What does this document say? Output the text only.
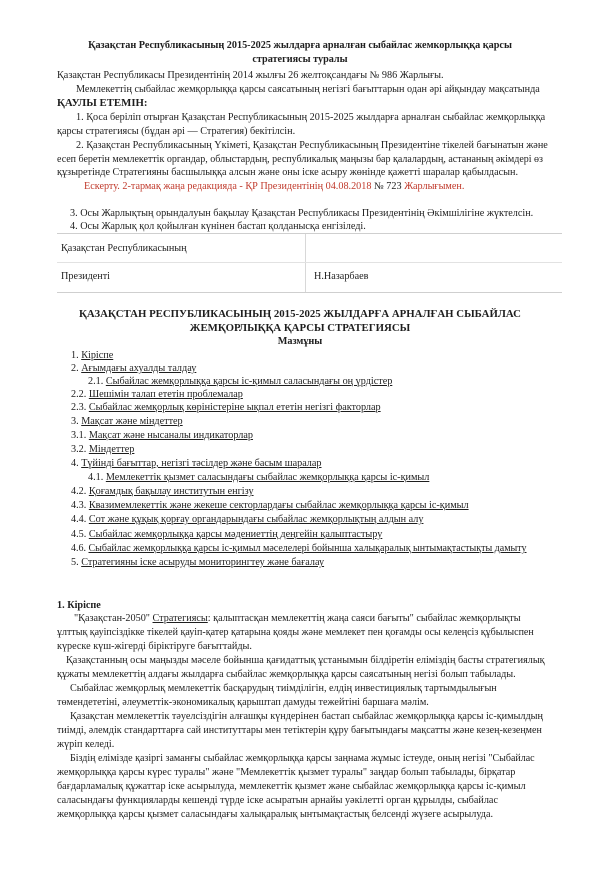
Қазақстан Республикасының 2015-2025 жылдарға арналған сыбайлас жемкорлыққа қарсы
стратегиясы туралы
Қазақстан Республикасы Президентінің 2014 жылғы 26 желтоқсандағы № 986 Жарлығы.
Мемлекеттің сыбайлас жемқорлыққа қарсы саясатының негізгі бағыттарын одан әрі айқындау мақсатында
ҚАУЛЫ ЕТЕМІН:
1. Қоса беріліп отырған Қазақстан Республикасының 2015-2025 жылдарға арналған сыбайлас жемқорлыққа
қарсы стратегиясы (бұдан әрі — Стратегия) бекітілсін.
2. Қазақстан Республикасының Үкіметі, Қазақстан Республикасының Президентіне тікелей бағынатын және
есеп беретін мемлекеттік органдар, облыстардың, республикалық маңызы бар қалалардың, астананың әкімдері өз
құзыретінде Стратегияны басшылыққа алсын және оны іске асыру жөнінде қажетті шаралар қабылдасын.
Ескерту. 2-тармақ жаңа редакцияда - ҚР Президентінің 04.08.2018 № 723 Жарлығымен.
3. Осы Жарлықтың орындалуын бақылау Қазақстан Республикасы Президентінің Әкімшілігіне жүктелсін.
4. Осы Жарлық қол қойылған күнінен бастап қолданысқа енгізіледі.
Қазақстан Республикасының
Президенті	Н.Назарбаев
ҚАЗАҚСТАН РЕСПУБЛИКАСЫНЫҢ 2015-2025 ЖЫЛДАРҒА АРНАЛҒАН СЫБАЙЛАС
ЖЕМҚОРЛЫҚҚА ҚАРСЫ СТРАТЕГИЯСЫ
Мазмұны
1. Кіріспе
2. Ағымдағы ахуалды талдау
2.1. Сыбайлас жемқорлыққа қарсы іс-қимыл саласындағы оң үрдістер
2.2. Шешімін талап ететін проблемалар
2.3. Сыбайлас жемқорлық көріністеріне ықпал ететін негізгі факторлар
3. Мақсат және міндеттер
3.1. Мақсат және нысаналы индикаторлар
3.2. Міндеттер
4. Түйінді бағыттар, негізгі тәсілдер және басым шаралар
4.1. Мемлекеттік қызмет саласындағы сыбайлас жемқорлыққа қарсы іс-қимыл
4.2. Қоғамдық бақылау институтын енгізу
4.3. Квазимемлекеттік және жекеше секторлардағы сыбайлас жемқорлыққа қарсы іс-қимыл
4.4. Сот және құқық қорғау органдарындағы сыбайлас жемқорлықтың алдын алу
4.5. Сыбайлас жемқорлыққа қарсы мәдениеттің деңгейін қалыптастыру
4.6. Сыбайлас жемқорлыққа қарсы іс-қимыл мәселелері бойынша халықаралық ынтымақтастықты дамыту
5. Стратегияны іске асыруды мониторингтеу және бағалау
1. Кіріспе
"Қазақстан-2050" Стратегиясы: қалыптасқан мемлекеттің жаңа саяси бағыты" сыбайлас жемқорлықты
ұлттық қауіпсіздікке тікелей қауіп-қатер қатарына қояды және мемлекет пен қоғамды осы келеңсіз құбылыспен
күреске күш-жігерді біріктіруге бағыттайды.
Қазақстанның осы маңызды мәселе бойынша қағидаттық ұстанымын білдіретін еліміздің басты стратегиялық
құжаты мемлекеттің алдағы жылдарға сыбайлас жемқорлыққа қарсы саясатының негізі болып табылады.
Сыбайлас жемқорлық мемлекеттік басқарудың тиімділігін, елдің инвестициялық тартымдылығын
төмендететіні, әлеуметтік-экономикалық қарыштап дамуды тежейтіні баршаға мәлім.
Қазақстан мемлекеттік тәуелсіздігін алғашқы күндерінен бастап сыбайлас жемқорлыққа қарсы іс-қимылдың
тиімді, әлемдік стандарттарға сай институттары мен тетіктерін құру бағытындағы мақсатты және кезең-кезеңмен
жүріп келеді.
Біздің елімізде қазіргі заманғы сыбайлас жемқорлыққа қарсы заңнама жұмыс істеуде, оның негізі "Сыбайлас
жемқорлыққа қарсы күрес туралы" және "Мемлекеттік қызмет туралы" заңдар болып табылады, бірқатар
бағдарламалық құжаттар іске асырылуда, мемлекеттік қызмет және сыбайлас жемқорлыққа қарсы іс-қимыл
саласындағы функцияларды кешенді түрде іске асыратын арнайы уәкілетті орган құрылды, сыбайлас
жемқорлыққа қарсы қызмет саласындағы халықаралық ынтымақтастық белсенді жүзеге асырылуда.
